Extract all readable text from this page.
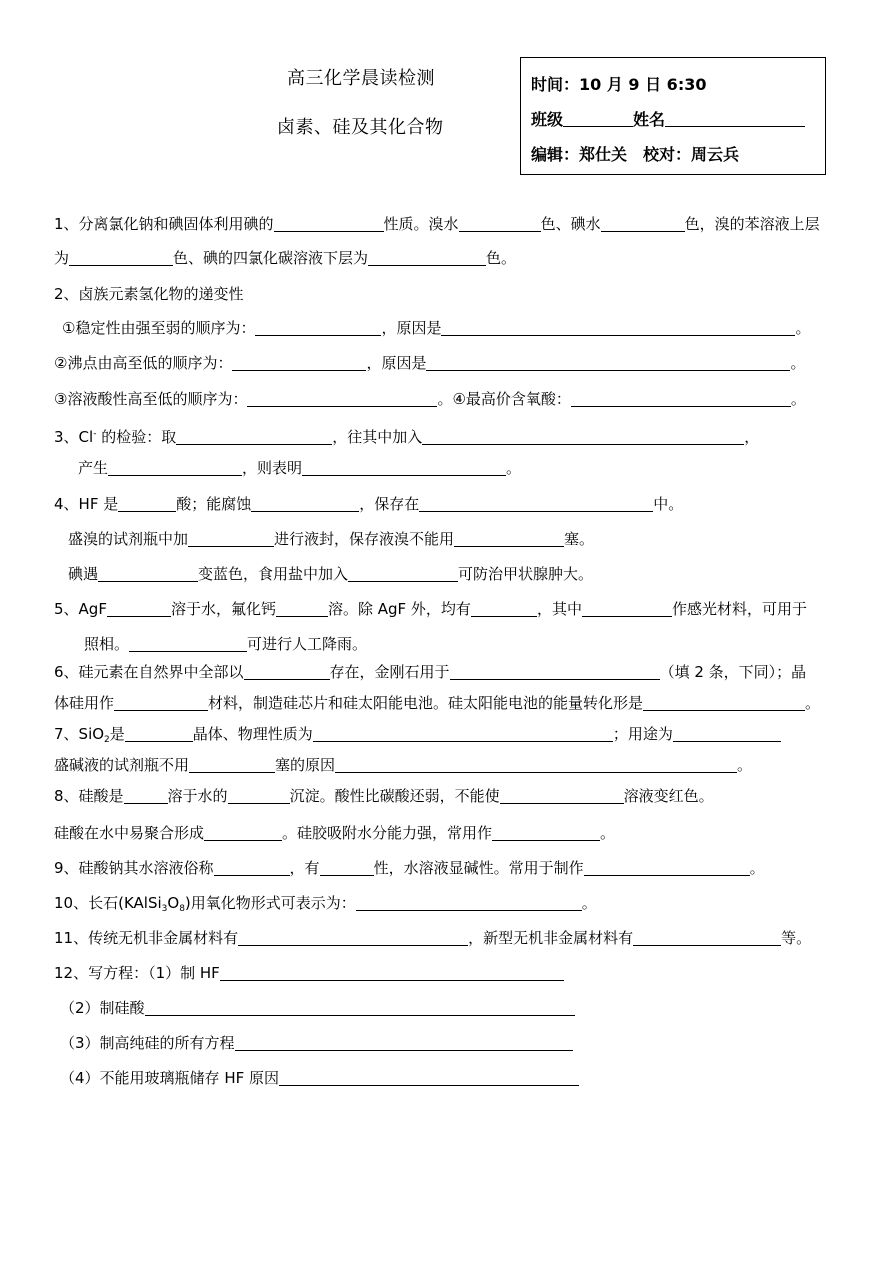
高三化学晨读检测
卤素、硅及其化合物
时间：10 月 9 日 6:30
班级	姓名
编辑：郑仕关　校对：周云兵
1、分离氯化钠和碘固体利用碘的	性质。溴水	色、碘水	色，溴的苯溶液上层
为	色、碘的四氯化碳溶液下层为	色。
2、卤族元素氢化物的递变性
①稳定性由强至弱的顺序为：	，原因是	。
②沸点由高至低的顺序为：	，原因是	。
③溶液酸性高至低的顺序为：	。④最高价含氧酸：	。
3、Cl- 的检验：取	，往其中加入	，
产生	，则表明	。
4、HF 是	酸；能腐蚀	，保存在	中。
盛溴的试剂瓶中加	进行液封，保存液溴不能用	塞。
碘遇	变蓝色，食用盐中加入	可防治甲状腺肿大。
5、AgF	溶于水，氟化钙	溶。除 AgF 外，均有	，其中	作感光材料，可用于
照相。	可进行人工降雨。
6、硅元素在自然界中全部以	存在，金刚石用于	（填 2 条，下同）；晶
体硅用作	材料，制造硅芯片和硅太阳能电池。硅太阳能电池的能量转化形是	。
7、SiO$_2$是	晶体、物理性质为	；用途为
盛碱液的试剂瓶不用	塞的原因	。
8、硅酸是	溶于水的	沉淀。酸性比碳酸还弱，不能使	溶液变红色。
硅酸在水中易聚合形成	。硅胶吸附水分能力强，常用作	。
9、硅酸钠其水溶液俗称	，有	性，水溶液显碱性。常用于制作	。
10、长石$(KAlSi_3O_8)$用氧化物形式可表示为：	。
11、传统无机非金属材料有	，新型无机非金属材料有	等。
12、写方程：（1）制 HF
（2）制硅酸
（3）制高纯硅的所有方程
（4）不能用玻璃瓶储存 HF 原因
